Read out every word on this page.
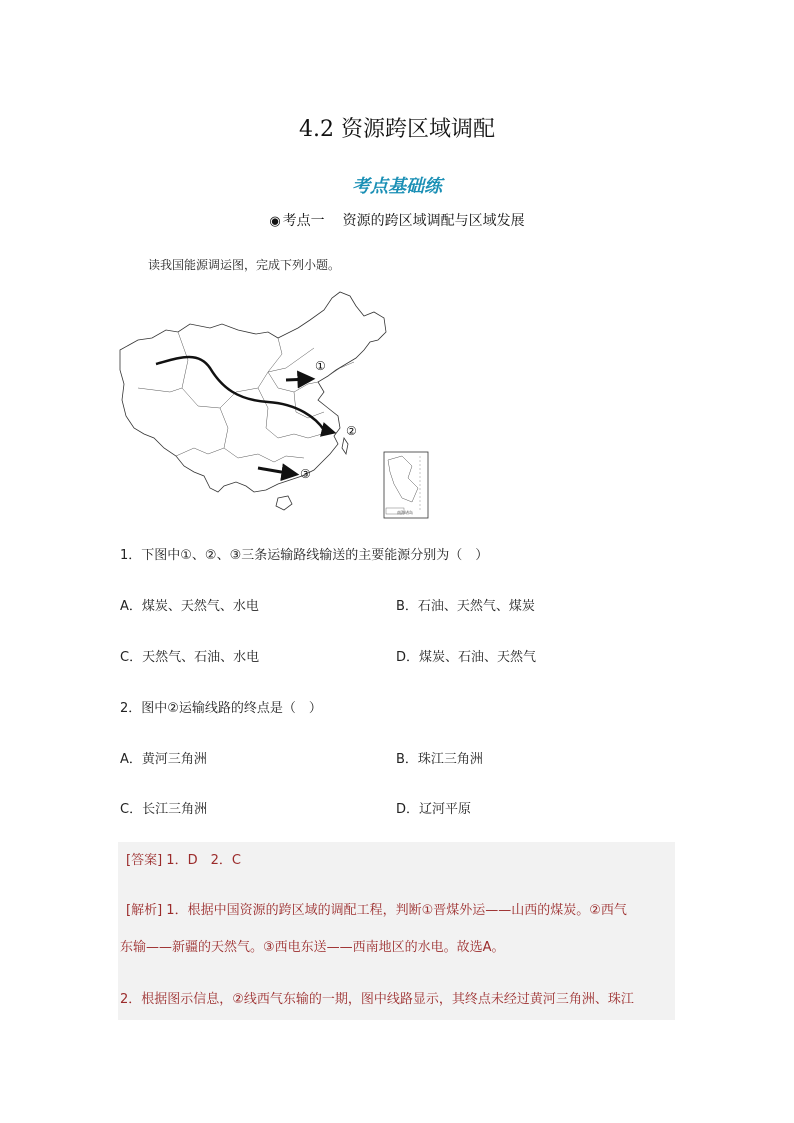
4.2 资源跨区域调配
考点基础练
◉ 考点一 资源的跨区域调配与区域发展
读我国能源调运图，完成下列小题。
①
②
③
南海诸岛
1．下图中①、②、③三条运输路线输送的主要能源分别为（　）
A．煤炭、天然气、水电	B．石油、天然气、煤炭
C．天然气、石油、水电	D．煤炭、石油、天然气
2．图中②运输线路的终点是（　）
A．黄河三角洲	B．珠江三角洲
C．长江三角洲	D．辽河平原
[答案] 1．D　2．C
[解析] 1．根据中国资源的跨区域的调配工程，判断①晋煤外运——山西的煤炭。②西气
东输——新疆的天然气。③西电东送——西南地区的水电。故选A。
2．根据图示信息，②线西气东输的一期，图中线路显示，其终点未经过黄河三角洲、珠江
